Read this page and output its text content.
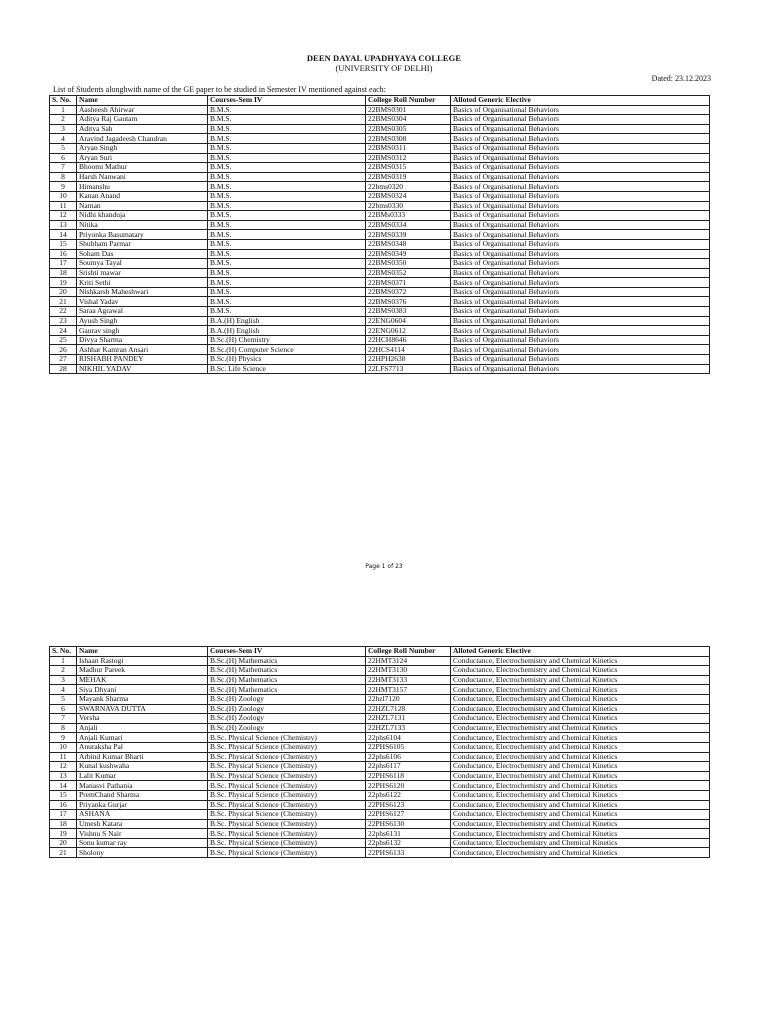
DEEN DAYAL UPADHYAYA COLLEGE
(UNIVERSITY OF DELHI)
Dated: 23.12.2023
List of Students alonghwith name of the GE paper to be studied in Semester IV mentioned against each:
S. No.	Name	Courses-Sem IV	College Roll Number	Alloted Generic Elective
1	Aasheesh Ahirwar	B.M.S.	22BMS0301	Basics of Organisational Behaviors
2	Aditya Raj Gautam	B.M.S.	22BMS0304	Basics of Organisational Behaviors
3	Aditya Sah	B.M.S.	22BMS0305	Basics of Organisational Behaviors
4	Aravind Jagadeesh Chandran	B.M.S.	22BMS0308	Basics of Organisational Behaviors
5	Aryan Singh	B.M.S.	22BMS0311	Basics of Organisational Behaviors
6	Aryan Suri	B.M.S.	22BMS0312	Basics of Organisational Behaviors
7	Bhoomi Mathur	B.M.S.	22BMS0315	Basics of Organisational Behaviors
8	Harsh Nanwani	B.M.S.	22BMS0319	Basics of Organisational Behaviors
9	Himanshu	B.M.S.	22bms0320	Basics of Organisational Behaviors
10	Kanan Anand	B.M.S.	22BMS0324	Basics of Organisational Behaviors
11	Naman	B.M.S.	22bms0330	Basics of Organisational Behaviors
12	Nidhi khanduja	B.M.S.	22BMs0333	Basics of Organisational Behaviors
13	Nitika	B.M.S.	22BMS0334	Basics of Organisational Behaviors
14	Priyonka Basumatary	B.M.S.	22BMS0339	Basics of Organisational Behaviors
15	Shubham Parmar	B.M.S.	22BMS0348	Basics of Organisational Behaviors
16	Soham Das	B.M.S.	22BMS0349	Basics of Organisational Behaviors
17	Soumya Tayal	B.M.S.	22BMS0350	Basics of Organisational Behaviors
18	Srishti mawar	B.M.S.	22BMS0352	Basics of Organisational Behaviors
19	Kriti Sethi	B.M.S.	22BMS0371	Basics of Organisational Behaviors
20	Nishkarsh Maheshwari	B.M.S.	22BMS0372	Basics of Organisational Behaviors
21	Vishal Yadav	B.M.S.	22BMS0376	Basics of Organisational Behaviors
22	Saraa Agrawal	B.M.S.	22BMS0383	Basics of Organisational Behaviors
23	Ayush Singh	B.A.(H) English	22ENG0604	Basics of Organisational Behaviors
24	Gaurav singh	B.A.(H) English	22ENG0612	Basics of Organisational Behaviors
25	Divya Sharma	B.Sc.(H) Chemistry	22HCH8646	Basics of Organisational Behaviors
26	Ashhar Kamran Ansari	B.Sc.(H) Computer Science	22HCS4114	Basics of Organisational Behaviors
27	RISHABH PANDEY	B.Sc.(H) Physics	22HPH2638	Basics of Organisational Behaviors
28	NIKHIL YADAV	B.Sc. Life Science	22LFS7713	Basics of Organisational Behaviors
Page 1 of 23
S. No.	Name	Courses-Sem IV	College Roll Number	Alloted Generic Elective
1	Ishaan Rastogi	B.Sc.(H) Mathematics	22HMT3124	Conductance, Electrochemistry and Chemical Kinetics
2	Madhur Pareek	B.Sc.(H) Mathematics	22HMT3130	Conductance, Electrochemistry and Chemical Kinetics
3	MEHAK	B.Sc.(H) Mathematics	22HMT3133	Conductance, Electrochemistry and Chemical Kinetics
4	Siya Dhyani	B.Sc.(H) Mathematics	22HMT3157	Conductance, Electrochemistry and Chemical Kinetics
5	Mayank Sharma	B.Sc.(H) Zoology	22hzl7120	Conductance, Electrochemistry and Chemical Kinetics
6	SWARNAVA DUTTA	B.Sc.(H) Zoology	22HZL7128	Conductance, Electrochemistry and Chemical Kinetics
7	Versha	B.Sc.(H) Zoology	22HZL7131	Conductance, Electrochemistry and Chemical Kinetics
8	Anjali	B.Sc.(H) Zoology	22HZL7133	Conductance, Electrochemistry and Chemical Kinetics
9	Anjali Kumari	B.Sc. Physical Science (Chemistry)	22phs6104	Conductance, Electrochemistry and Chemical Kinetics
10	Anuraksha Pal	B.Sc. Physical Science (Chemistry)	22PHS6105	Conductance, Electrochemistry and Chemical Kinetics
11	Arbind Kumar Bharti	B.Sc. Physical Science (Chemistry)	22phs6106	Conductance, Electrochemistry and Chemical Kinetics
12	Kunal kushwaha	B.Sc. Physical Science (Chemistry)	22phs6117	Conductance, Electrochemistry and Chemical Kinetics
13	Lalit Kumar	B.Sc. Physical Science (Chemistry)	22PHS6118	Conductance, Electrochemistry and Chemical Kinetics
14	Manasvi Pathania	B.Sc. Physical Science (Chemistry)	22PHS6120	Conductance, Electrochemistry and Chemical Kinetics
15	PremChand Sharma	B.Sc. Physical Science (Chemistry)	22phs6122	Conductance, Electrochemistry and Chemical Kinetics
16	Priyanka Gurjar	B.Sc. Physical Science (Chemistry)	22PHS6123	Conductance, Electrochemistry and Chemical Kinetics
17	ASHANA	B.Sc. Physical Science (Chemistry)	22PHS6127	Conductance, Electrochemistry and Chemical Kinetics
18	Umesh Katara	B.Sc. Physical Science (Chemistry)	22PHS6130	Conductance, Electrochemistry and Chemical Kinetics
19	Vishnu S Nair	B.Sc. Physical Science (Chemistry)	22phs6131	Conductance, Electrochemistry and Chemical Kinetics
20	Sonu kumar ray	B.Sc. Physical Science (Chemistry)	22phs6132	Conductance, Electrochemistry and Chemical Kinetics
21	Sholony	B.Sc. Physical Science (Chemistry)	22PHS6133	Conductance, Electrochemistry and Chemical Kinetics
